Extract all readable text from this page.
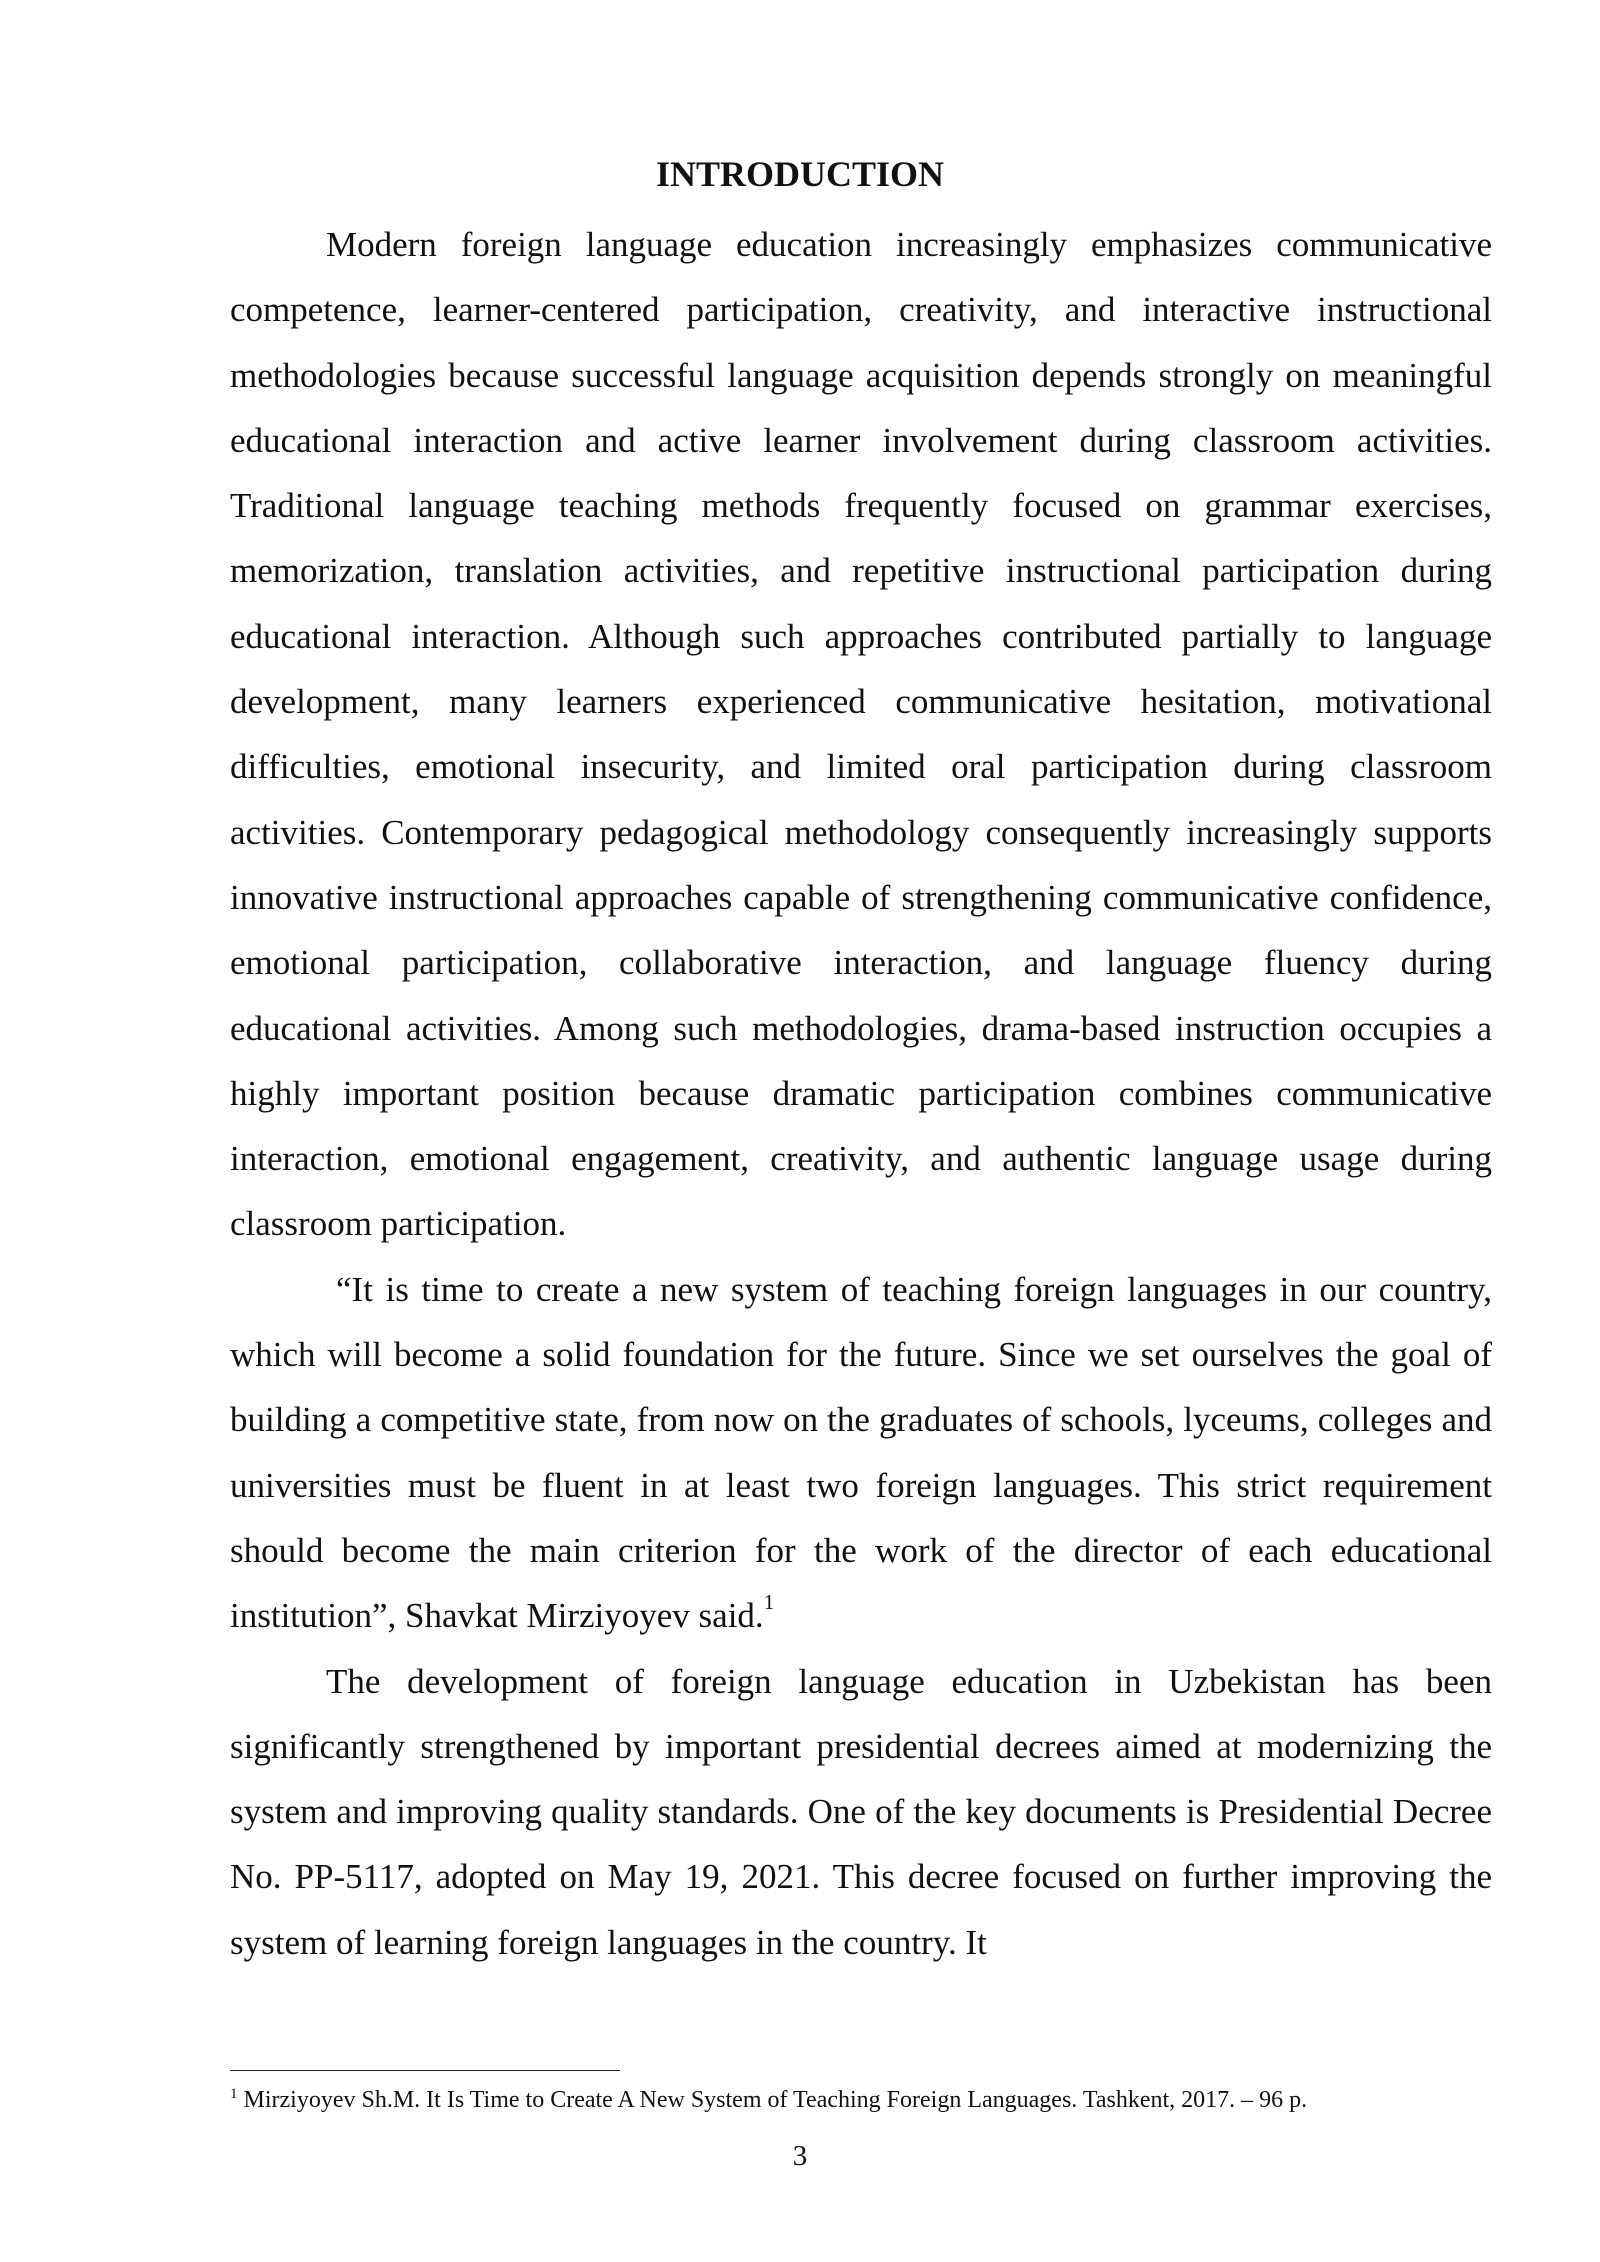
INTRODUCTION

Modern foreign language education increasingly emphasizes communicative competence, learner-centered participation, creativity, and interactive instructional methodologies because successful language acquisition depends strongly on meaningful educational interaction and active learner involvement during classroom activities. Traditional language teaching methods frequently focused on grammar exercises, memorization, translation activities, and repetitive instructional participation during educational interaction. Although such approaches contributed partially to language development, many learners experienced communicative hesitation, motivational difficulties, emotional insecurity, and limited oral participation during classroom activities. Contemporary pedagogical methodology consequently increasingly supports innovative instructional approaches capable of strengthening communicative confidence, emotional participation, collaborative interaction, and language fluency during educational activities. Among such methodologies, drama-based instruction occupies a highly important position because dramatic participation combines communicative interaction, emotional engagement, creativity, and authentic language usage during classroom participation.

“It is time to create a new system of teaching foreign languages in our country, which will become a solid foundation for the future. Since we set ourselves the goal of building a competitive state, from now on the graduates of schools, lyceums, colleges and universities must be fluent in at least two foreign languages. This strict requirement should become the main criterion for the work of the director of each educational institution”, Shavkat Mirziyoyev said.$^1$

The development of foreign language education in Uzbekistan has been significantly strengthened by important presidential decrees aimed at modernizing the system and improving quality standards. One of the key documents is Presidential Decree No. PP-5117, adopted on May 19, 2021. This decree focused on further improving the system of learning foreign languages in the country. It

$^1$ Mirziyoyev Sh.M. It Is Time to Create A New System of Teaching Foreign Languages. Tashkent, 2017. – 96 p.
3
